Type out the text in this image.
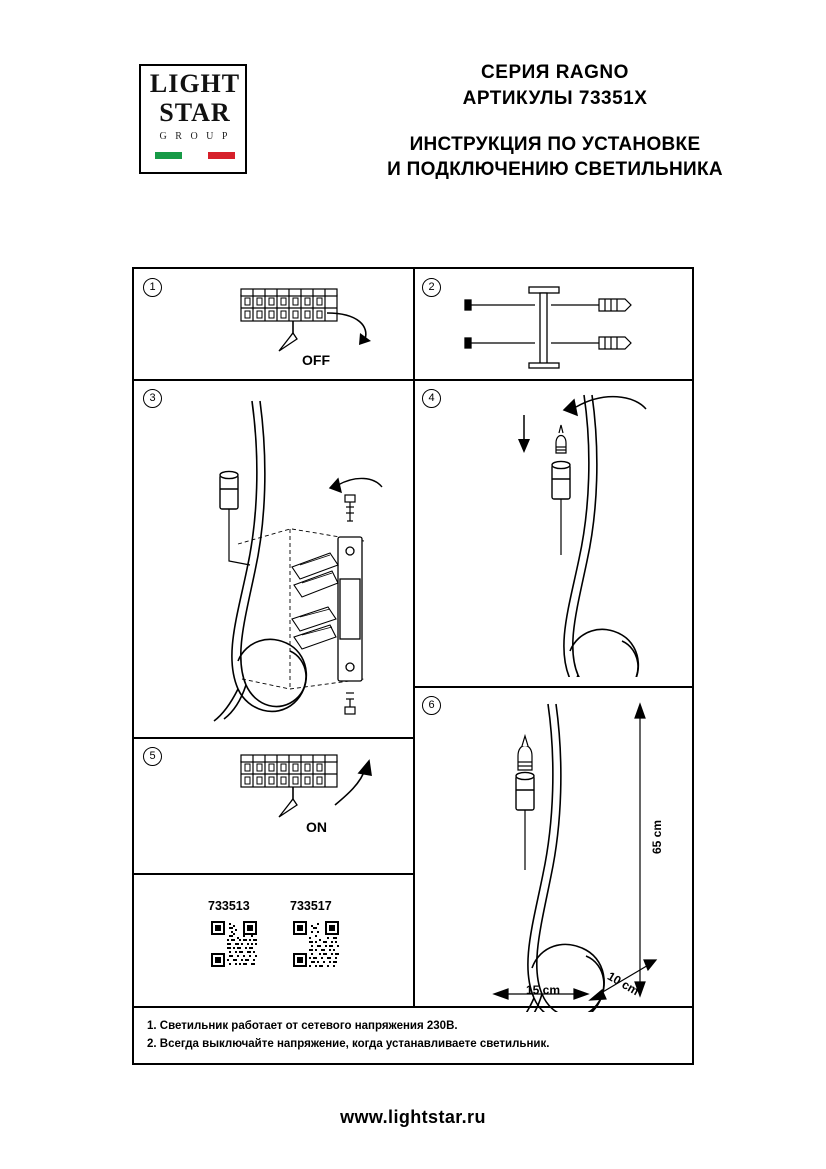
LIGHT
STAR
G R O U P
СЕРИЯ RAGNO
АРТИКУЛЫ 73351X
ИНСТРУКЦИЯ ПО УСТАНОВКЕ
И ПОДКЛЮЧЕНИЮ СВЕТИЛЬНИКА
1
OFF
2
3	4
5
ON
733513	733517
6
65 cm
15 cm	10 cm
1. Светильник работает от сетевого напряжения 230В.
2. Всегда выключайте напряжение, когда устанавливаете светильник.
www.lightstar.ru
